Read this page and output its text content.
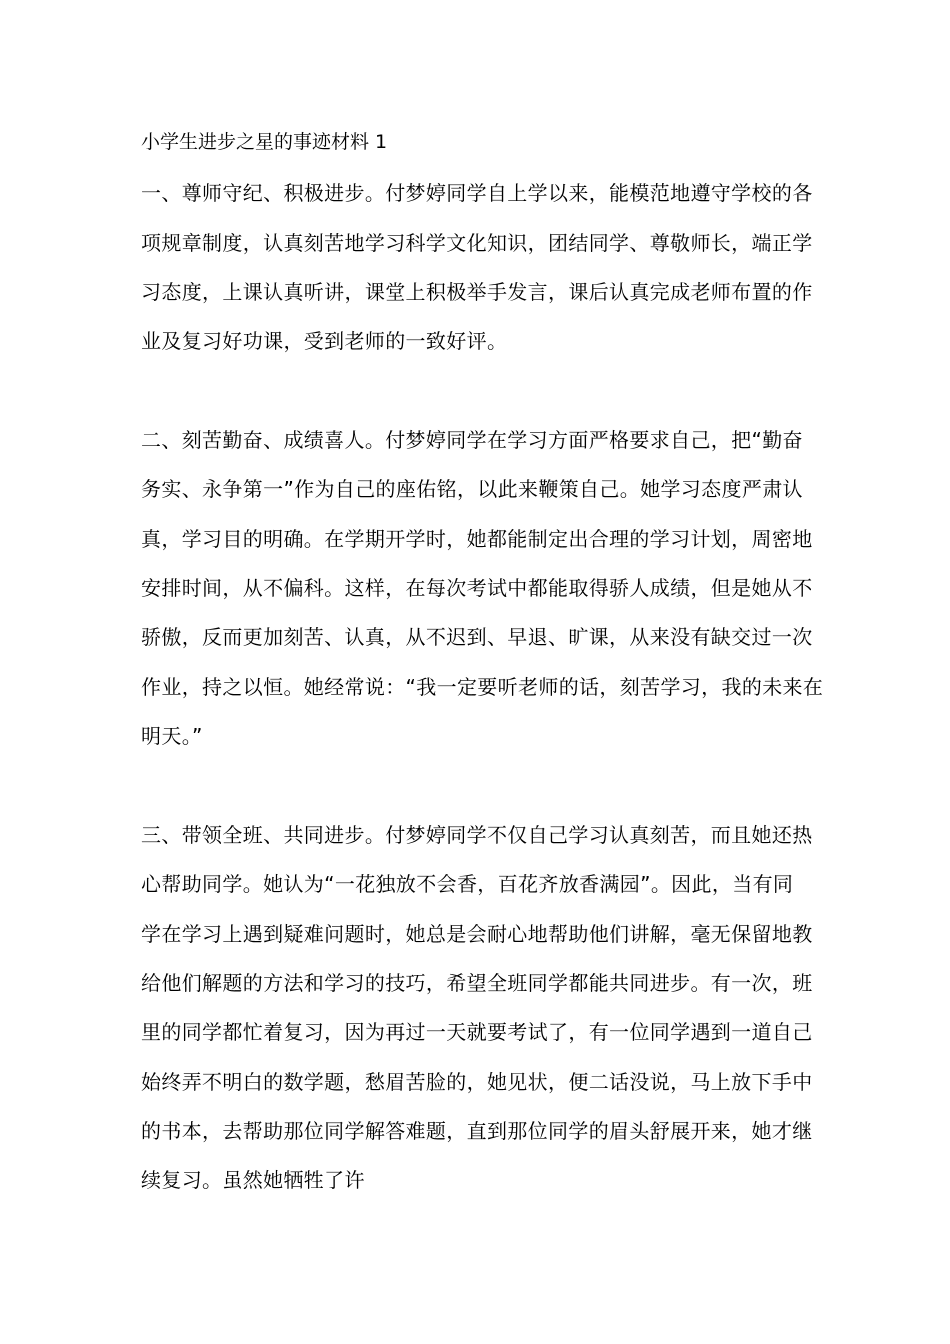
小学生进步之星的事迹材料 1
一、尊师守纪、积极进步。付梦婷同学自上学以来，能模范地遵守学校的各
项规章制度，认真刻苦地学习科学文化知识，团结同学、尊敬师长，端正学
习态度，上课认真听讲，课堂上积极举手发言，课后认真完成老师布置的作
业及复习好功课，受到老师的一致好评。
二、刻苦勤奋、成绩喜人。付梦婷同学在学习方面严格要求自己，把“勤奋
务实、永争第一”作为自己的座佑铭，以此来鞭策自己。她学习态度严肃认
真，学习目的明确。在学期开学时，她都能制定出合理的学习计划，周密地
安排时间，从不偏科。这样，在每次考试中都能取得骄人成绩，但是她从不
骄傲，反而更加刻苦、认真，从不迟到、早退、旷课，从来没有缺交过一次
作业，持之以恒。她经常说：“我一定要听老师的话，刻苦学习，我的未来在
明天。”
三、带领全班、共同进步。付梦婷同学不仅自己学习认真刻苦，而且她还热
心帮助同学。她认为“一花独放不会香，百花齐放香满园”。因此，当有同
学在学习上遇到疑难问题时，她总是会耐心地帮助他们讲解，毫无保留地教
给他们解题的方法和学习的技巧，希望全班同学都能共同进步。有一次，班
里的同学都忙着复习，因为再过一天就要考试了，有一位同学遇到一道自己
始终弄不明白的数学题，愁眉苦脸的，她见状，便二话没说，马上放下手中
的书本，去帮助那位同学解答难题，直到那位同学的眉头舒展开来，她才继
续复习。虽然她牺牲了许
